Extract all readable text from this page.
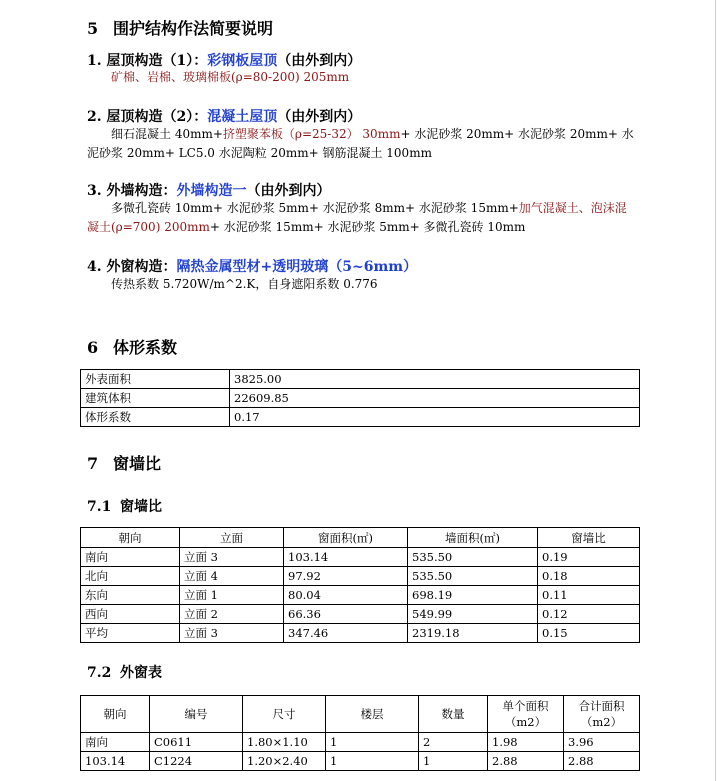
5 围护结构作法简要说明
1. 屋顶构造（1）：彩钢板屋顶（由外到内）
矿棉、岩棉、玻璃棉板(ρ=80-200) 205mm
2. 屋顶构造（2）：混凝土屋顶（由外到内）
细石混凝土 40mm+挤塑聚苯板（ρ=25-32） 30mm+ 水泥砂浆 20mm+ 水泥砂浆 20mm+ 水
泥砂浆 20mm+ LC5.0 水泥陶粒 20mm+ 钢筋混凝土 100mm
3. 外墙构造：外墙构造一（由外到内）
多微孔瓷砖 10mm+ 水泥砂浆 5mm+ 水泥砂浆 8mm+ 水泥砂浆 15mm+加气混凝土、泡沫混
凝土(ρ=700) 200mm+ 水泥砂浆 15mm+ 水泥砂浆 5mm+ 多微孔瓷砖 10mm
4. 外窗构造：隔热金属型材+透明玻璃（5~6mm）
传热系数 5.720W/m^2.K，自身遮阳系数 0.776
6 体形系数
外表面积	3825.00
建筑体积	22609.85
体形系数	0.17
7 窗墙比
7.1 窗墙比
朝向	立面	窗面积(㎡)	墙面积(㎡)	窗墙比
南向	立面 3	103.14	535.50	0.19
北向	立面 4	97.92	535.50	0.18
东向	立面 1	80.04	698.19	0.11
西向	立面 2	66.36	549.99	0.12
平均	立面 3	347.46	2319.18	0.15
7.2 外窗表
朝向	编号	尺寸	楼层	数量	单个面积（m2）	合计面积（m2）
南向	C0611	1.80×1.10	1	2	1.98	3.96
103.14	C1224	1.20×2.40	1	1	2.88	2.88
